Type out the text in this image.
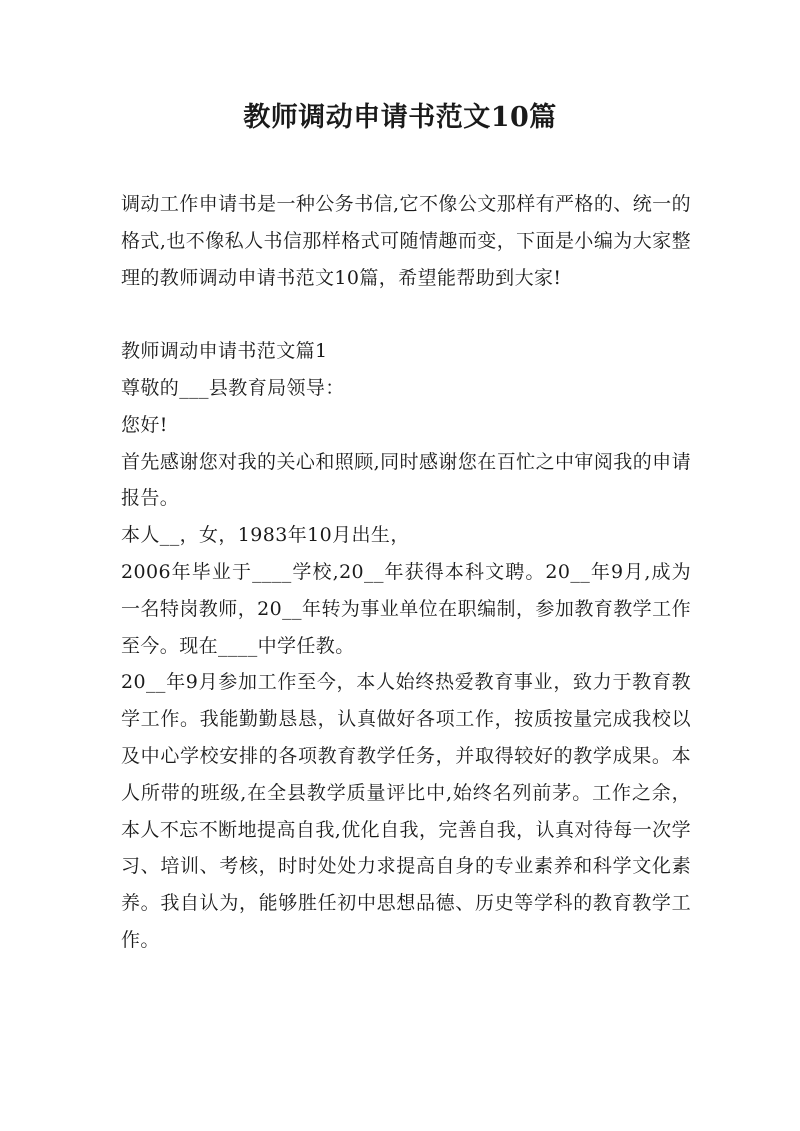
教师调动申请书范文10篇

调动工作申请书是一种公务书信,它不像公文那样有严格的、统一的格式,也不像私人书信那样格式可随情趣而变，下面是小编为大家整理的教师调动申请书范文10篇，希望能帮助到大家!

教师调动申请书范文篇1

尊敬的___县教育局领导：

您好!

首先感谢您对我的关心和照顾,同时感谢您在百忙之中审阅我的申请报告。

本人__，女，1983年10月出生，

2006年毕业于____学校,20__年获得本科文聘。20__年9月,成为一名特岗教师，20__年转为事业单位在职编制，参加教育教学工作至今。现在____中学任教。

20__年9月参加工作至今，本人始终热爱教育事业，致力于教育教学工作。我能勤勤恳恳，认真做好各项工作，按质按量完成我校以及中心学校安排的各项教育教学任务，并取得较好的教学成果。本人所带的班级,在全县教学质量评比中,始终名列前茅。工作之余，本人不忘不断地提高自我,优化自我，完善自我，认真对待每一次学习、培训、考核，时时处处力求提高自身的专业素养和科学文化素养。我自认为，能够胜任初中思想品德、历史等学科的教育教学工作。
